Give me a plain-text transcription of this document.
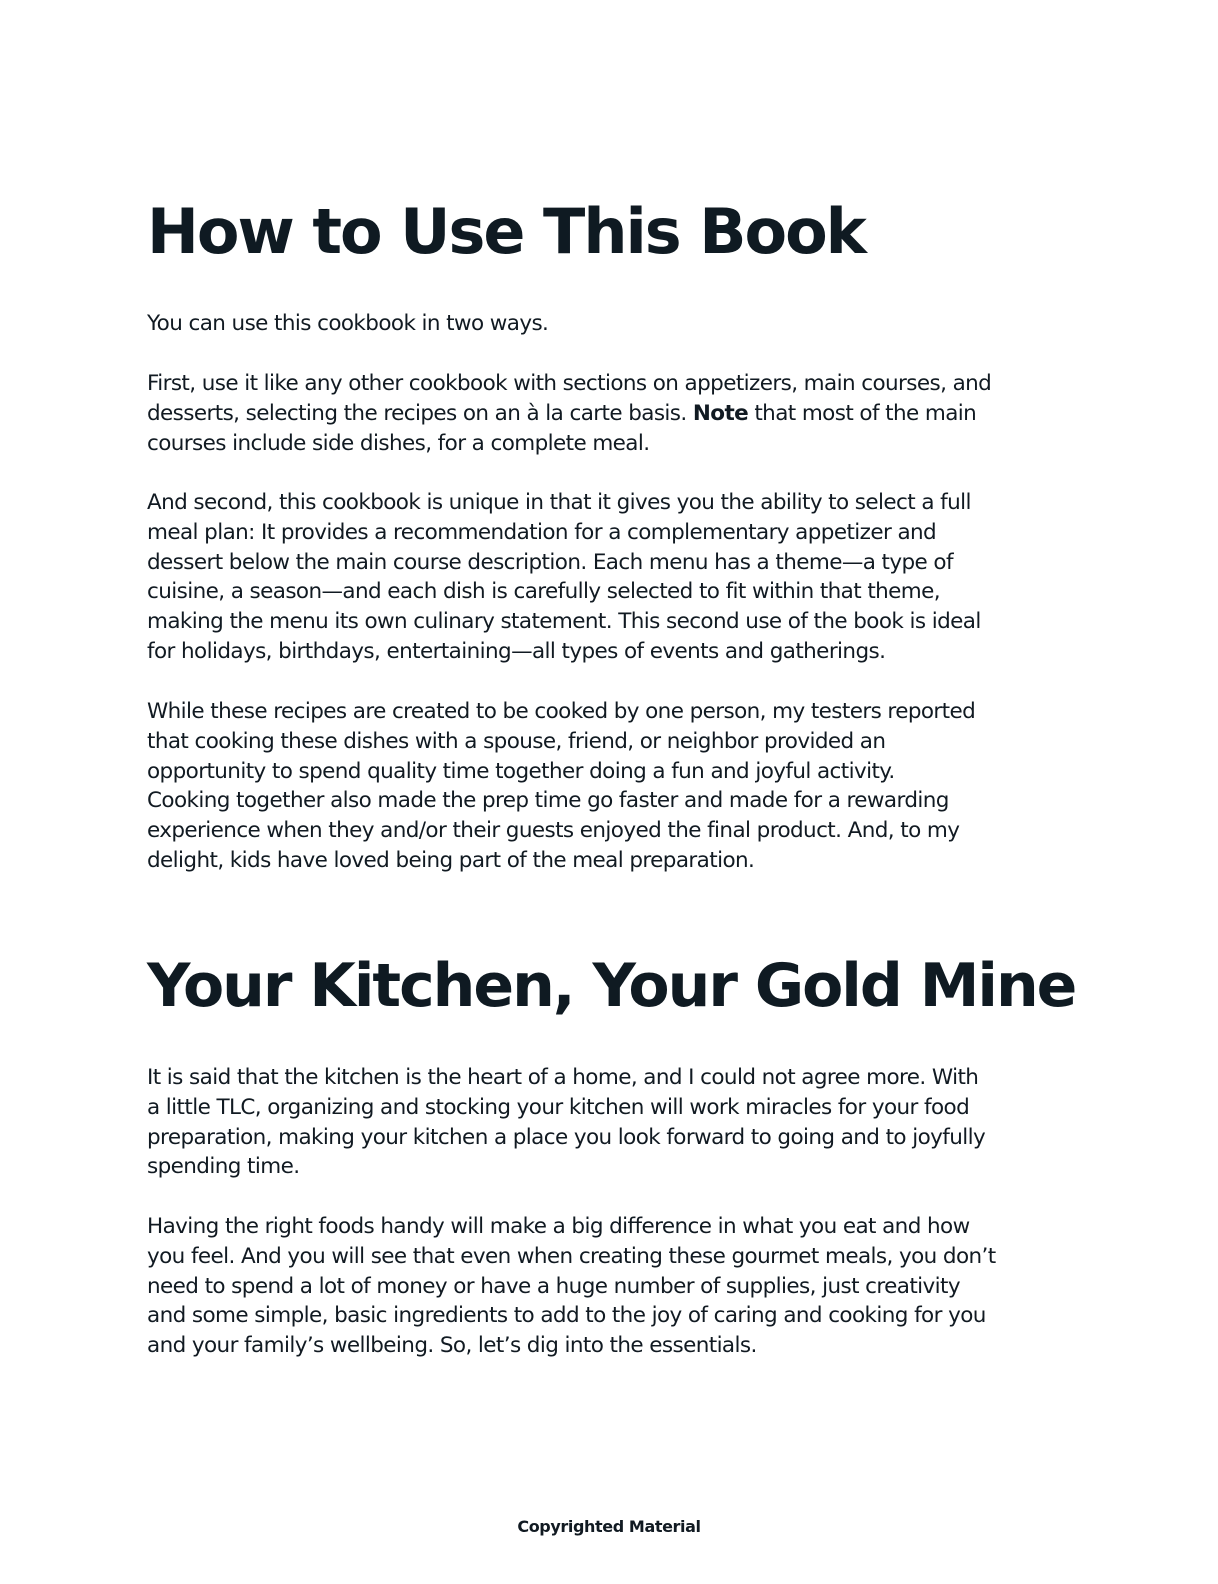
How to Use This Book

You can use this cookbook in two ways.

First, use it like any other cookbook with sections on appetizers, main courses, and
desserts, selecting the recipes on an à la carte basis. Note that most of the main
courses include side dishes, for a complete meal.

And second, this cookbook is unique in that it gives you the ability to select a full
meal plan: It provides a recommendation for a complementary appetizer and
dessert below the main course description. Each menu has a theme—a type of
cuisine, a season—and each dish is carefully selected to fit within that theme,
making the menu its own culinary statement. This second use of the book is ideal
for holidays, birthdays, entertaining—all types of events and gatherings.

While these recipes are created to be cooked by one person, my testers reported
that cooking these dishes with a spouse, friend, or neighbor provided an
opportunity to spend quality time together doing a fun and joyful activity.
Cooking together also made the prep time go faster and made for a rewarding
experience when they and/or their guests enjoyed the final product. And, to my
delight, kids have loved being part of the meal preparation.

Your Kitchen, Your Gold Mine

It is said that the kitchen is the heart of a home, and I could not agree more. With
a little TLC, organizing and stocking your kitchen will work miracles for your food
preparation, making your kitchen a place you look forward to going and to joyfully
spending time.

Having the right foods handy will make a big difference in what you eat and how
you feel. And you will see that even when creating these gourmet meals, you don’t
need to spend a lot of money or have a huge number of supplies, just creativity
and some simple, basic ingredients to add to the joy of caring and cooking for you
and your family’s wellbeing. So, let’s dig into the essentials.

Copyrighted Material
